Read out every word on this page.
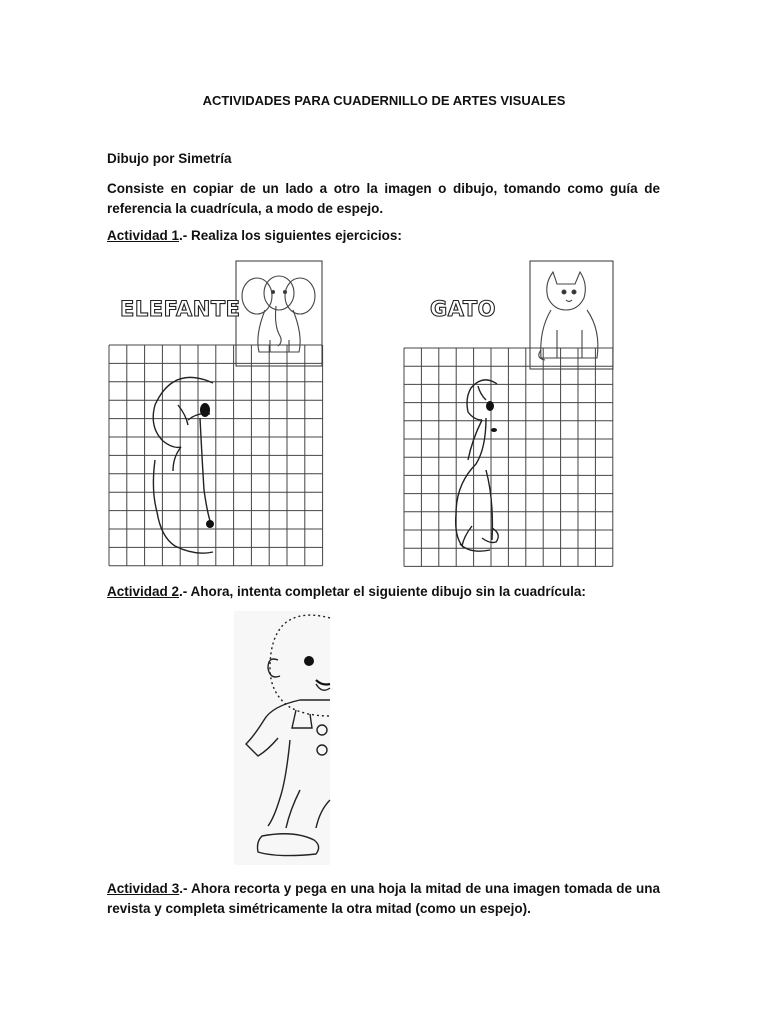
ACTIVIDADES PARA CUADERNILLO DE ARTES VISUALES
Dibujo por Simetría
Consiste en copiar de un lado a otro la imagen o dibujo, tomando como guía de referencia la cuadrícula, a modo de espejo.
Actividad 1.- Realiza los siguientes ejercicios:
ELEFANTE	GATO
Actividad 2.- Ahora, intenta completar el siguiente dibujo sin la cuadrícula:
Actividad 3.- Ahora recorta y pega en una hoja la mitad de una imagen tomada de una revista y completa simétricamente la otra mitad (como un espejo).
